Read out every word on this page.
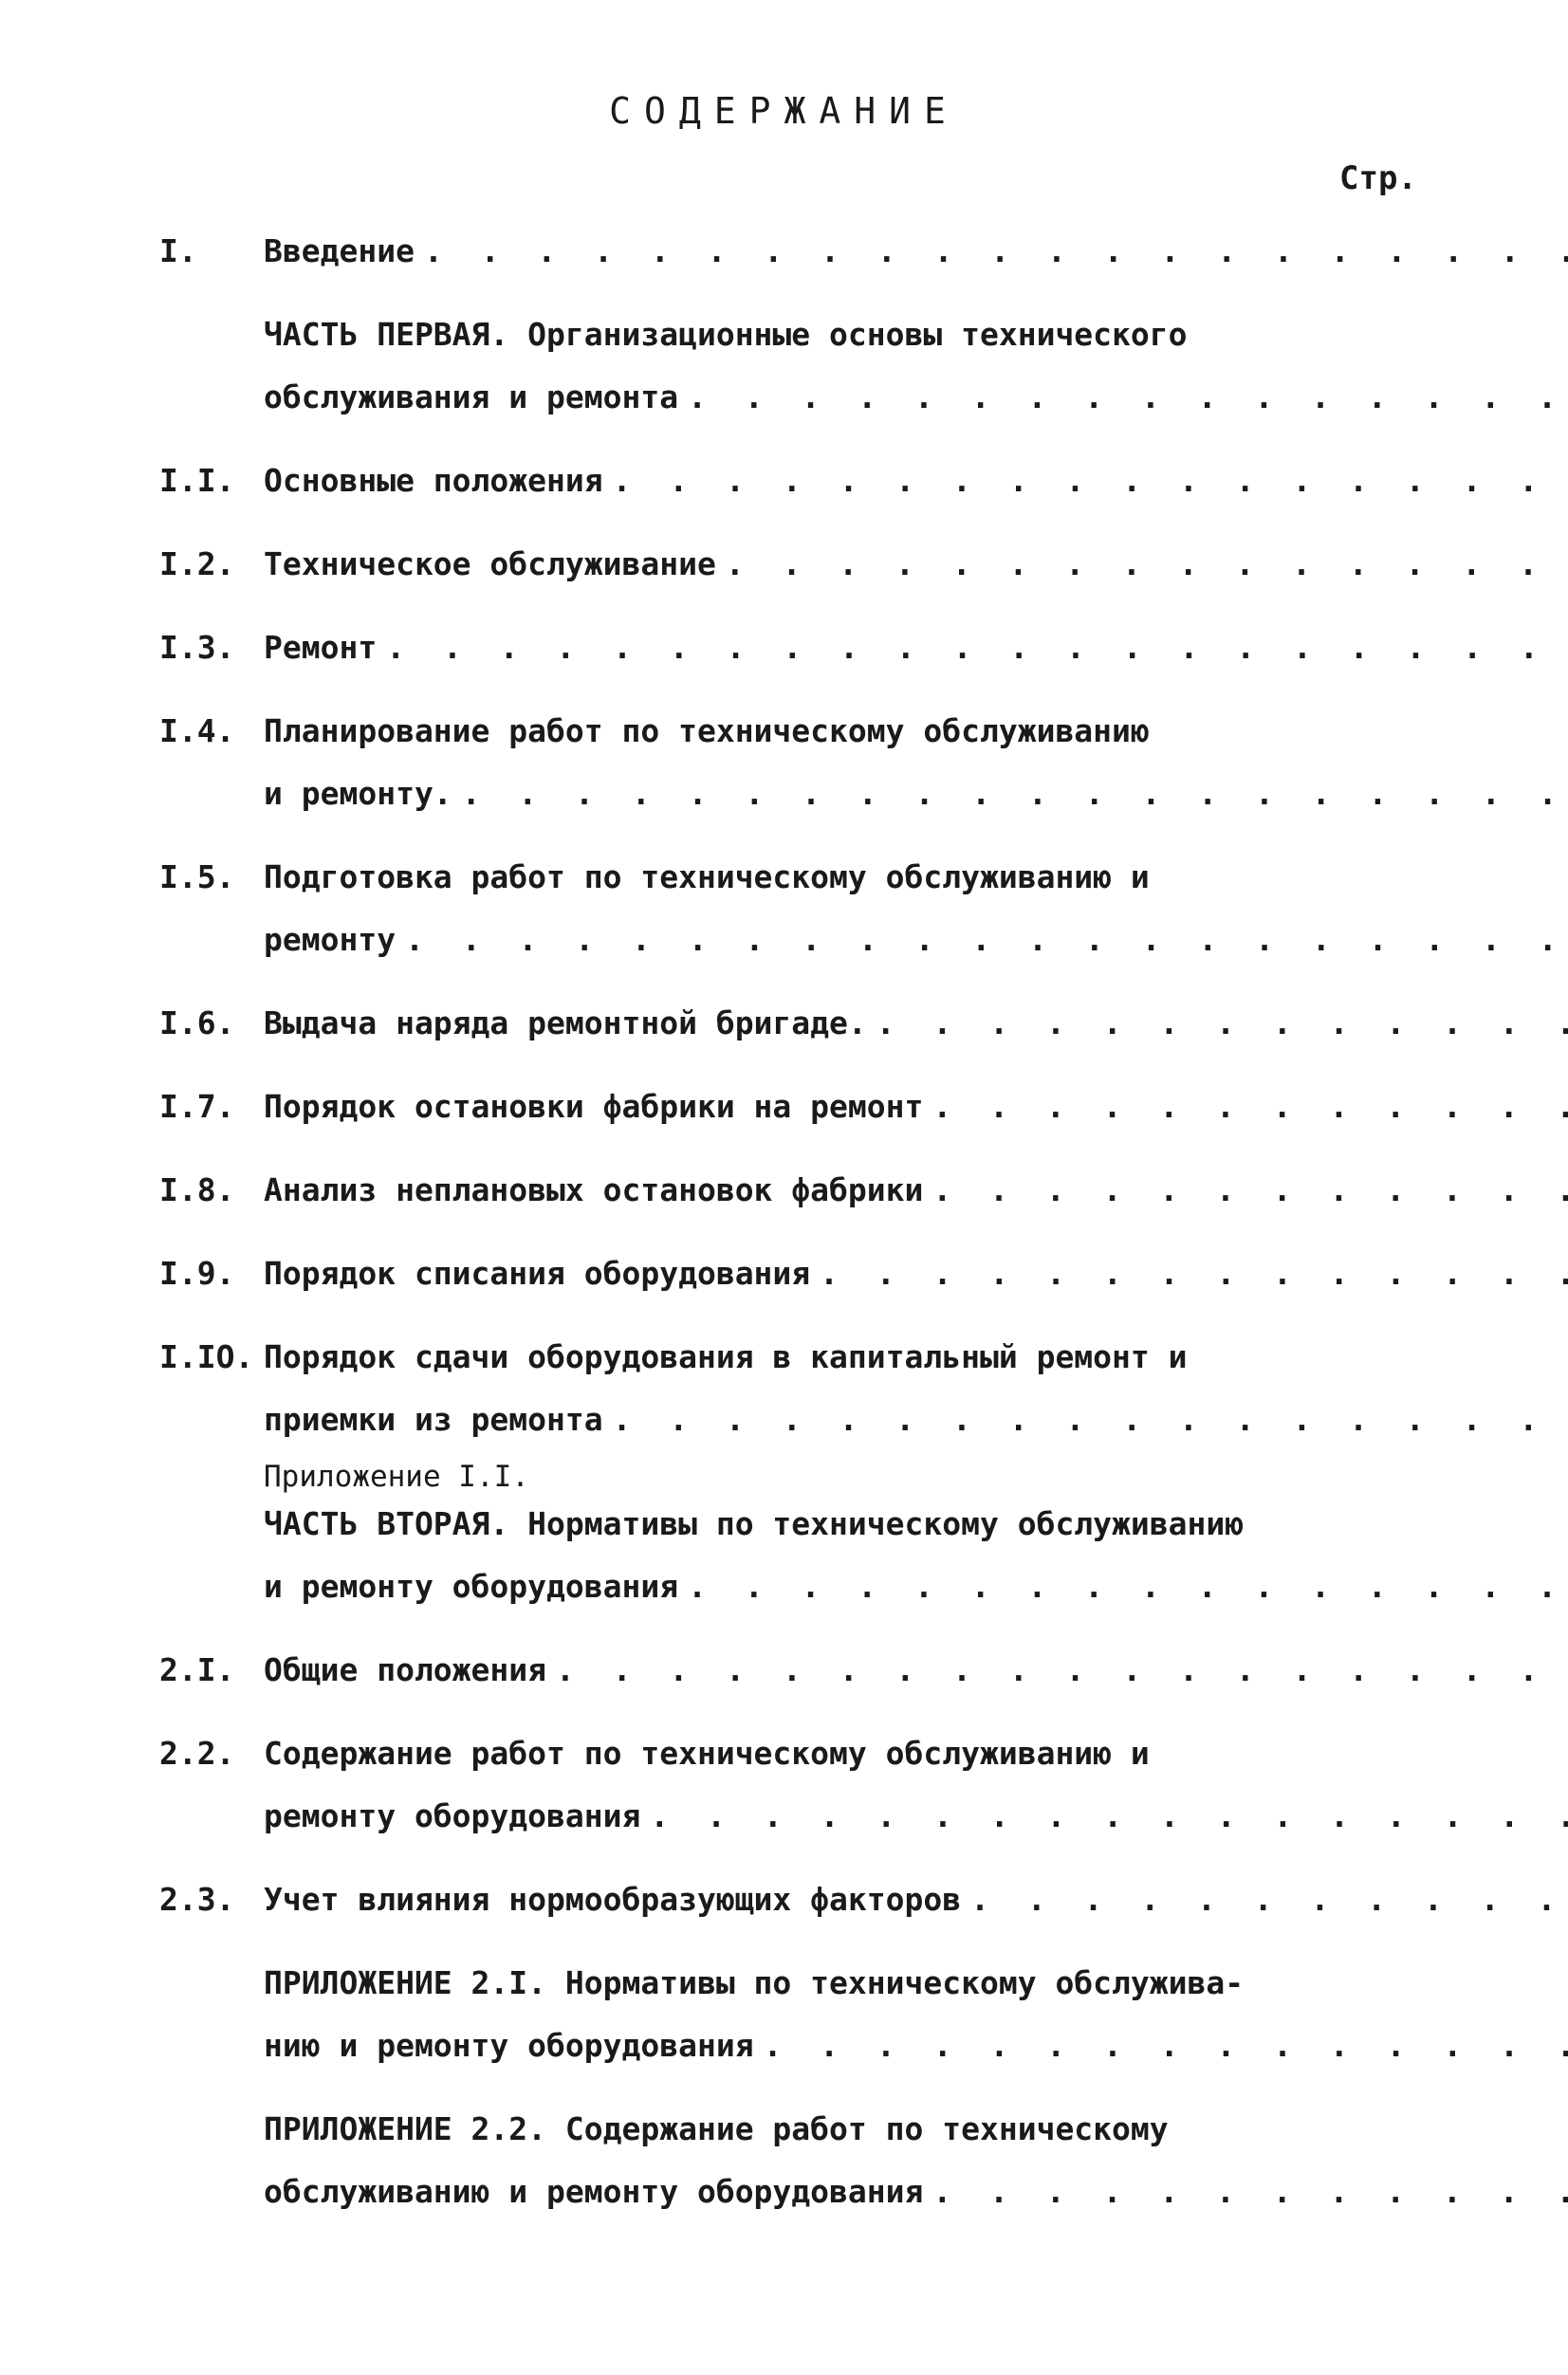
СОДЕРЖАНИЕ
Стр.
I.	Введение
. . .
ЧАСТЬ ПЕРВАЯ. Организационные основы технического
обслуживания и ремонта
. . .
I.I. Основные положения
. . .
I.2. Техническое обслуживание
. . .
I.3. Ремонт
. . .
I.4. Планирование работ по техническому обслуживанию
и ремонту.
. . .
I.5. Подготовка работ по техническому обслуживанию и
ремонту
. . .
I.6. Выдача наряда ремонтной бригаде.
. . .
I.7. Порядок остановки фабрики на ремонт
. . .
I.8. Анализ неплановых остановок фабрики
. . .
I.9. Порядок списания оборудования
. . .
I.IO. Порядок сдачи оборудования в капитальный ремонт и
приемки из ремонта
. . .
Приложение I.I.
ЧАСТЬ ВТОРАЯ. Нормативы по техническому обслуживанию
и ремонту оборудования
. . .
2.I. Общие положения
. . .
2.2. Содержание работ по техническому обслуживанию и
ремонту оборудования
. . .
2.3. Учет влияния нормообразующих факторов
. . .
ПРИЛОЖЕНИЕ 2.I. Нормативы по техническому обслужива-
нию и ремонту оборудования
. . .
ПРИЛОЖЕНИЕ 2.2. Содержание работ по техническому
обслуживанию и ремонту оборудования
. . .
